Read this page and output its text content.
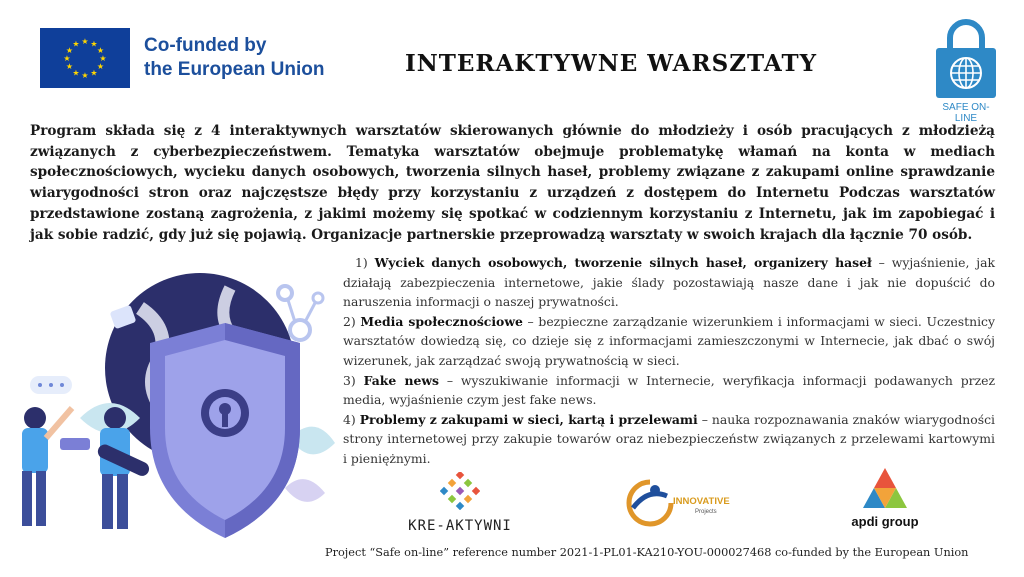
★ ★
★
★
★
★
★
★
★
★
★
★	Co-funded by
the European Union	INTERAKTYWNE WARSZTATY
SAFE ON-LINE

Program składa się z 4 interaktywnych warsztatów skierowanych głównie do młodzieży i osób pracujących z młodzieżą związanych z cyberbezpieczeństwem. Tematyka warsztatów obejmuje problematykę włamań na konta w mediach społecznościowych, wycieku danych osobowych, tworzenia silnych haseł, problemy związane z zakupami online sprawdzanie wiarygodności stron oraz najczęstsze błędy przy korzystaniu z urządzeń z dostępem do Internetu Podczas warsztatów przedstawione zostaną zagrożenia, z jakimi możemy się spotkać w codziennym korzystaniu z Internetu, jak im zapobiegać i jak sobie radzić, gdy już się pojawią. Organizacje partnerskie przeprowadzą warsztaty w swoich krajach dla łącznie 70 osób.

1) Wyciek danych osobowych, tworzenie silnych haseł, organizery haseł – wyjaśnienie, jak działają zabezpieczenia internetowe, jakie ślady pozostawiają nasze dane i jak nie dopuścić do naruszenia informacji o naszej prywatności.
2) Media społecznościowe – bezpieczne zarządzanie wizerunkiem i informacjami w sieci. Uczestnicy warsztatów dowiedzą się, co dzieje się z informacjami zamieszczonymi w Internecie, jak dbać o swój wizerunek, jak zarządzać swoją prywatnością w sieci.
3) Fake news – wyszukiwanie informacji w Internecie, weryfikacja informacji podawanych przez media, wyjaśnienie czym jest fake news.
4) Problemy z zakupami w sieci, kartą i przelewami – nauka rozpoznawania znaków wiarygodności strony internetowej przy zakupie towarów oraz niebezpieczeństw związanych z przelewami kartowymi i pieniężnymi.
KRE-AKTYWNI
INNOVATIVE
Projects
apdi group
Project “Safe on-line” reference number 2021-1-PL01-KA210-YOU-000027468 co-funded by the European Union
